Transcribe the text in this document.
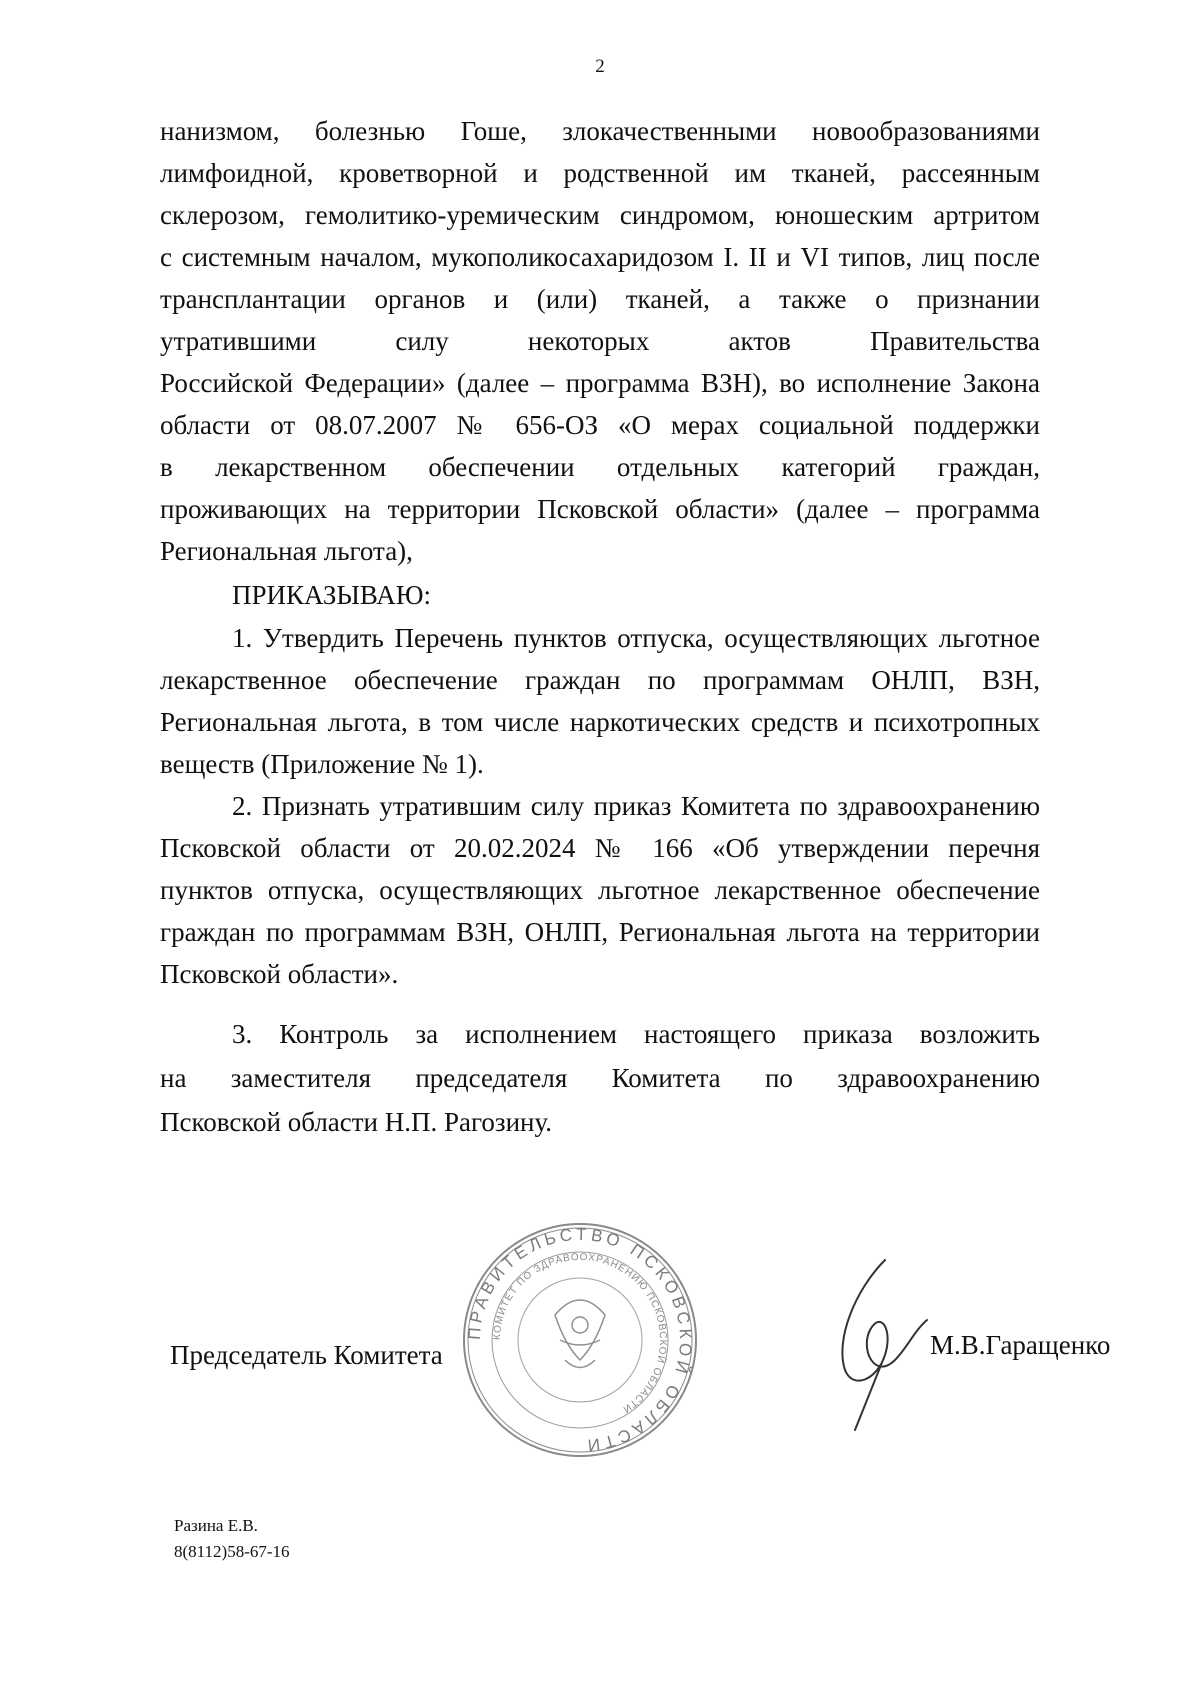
2
нанизмом, болезнью Гоше, злокачественными новообразованиями
лимфоидной, кроветворной и родственной им тканей, рассеянным
склерозом, гемолитико-уремическим синдромом, юношеским артритом
с системным началом, мукополикосахаридозом I. II и VI типов, лиц после
трансплантации органов и (или) тканей, а также о признании
утратившими силу некоторых актов Правительства
Российской Федерации» (далее – программа ВЗН), во исполнение Закона
области от 08.07.2007 № 656-ОЗ «О мерах социальной поддержки
в лекарственном обеспечении отдельных категорий граждан,
проживающих на территории Псковской области» (далее – программа
Региональная льгота),
ПРИКАЗЫВАЮ:
1. Утвердить Перечень пунктов отпуска, осуществляющих льготное
лекарственное обеспечение граждан по программам ОНЛП, ВЗН,
Региональная льгота, в том числе наркотических средств и психотропных
веществ (Приложение № 1).
2. Признать утратившим силу приказ Комитета по здравоохранению
Псковской области от 20.02.2024 № 166 «Об утверждении перечня
пунктов отпуска, осуществляющих льготное лекарственное обеспечение
граждан по программам ВЗН, ОНЛП, Региональная льгота на территории
Псковской области».
3. Контроль за исполнением настоящего приказа возложить
на заместителя председателя Комитета по здравоохранению
Псковской области Н.П. Рагозину.
ПРАВИТЕЛЬСТВО ПСКОВСКОЙ ОБЛАСТИ
КОМИТЕТ ПО ЗДРАВООХРАНЕНИЮ ПСКОВСКОЙ ОБЛАСТИ
Председатель Комитета	М.В.Гаращенко
Разина Е.В.
8(8112)58-67-16
